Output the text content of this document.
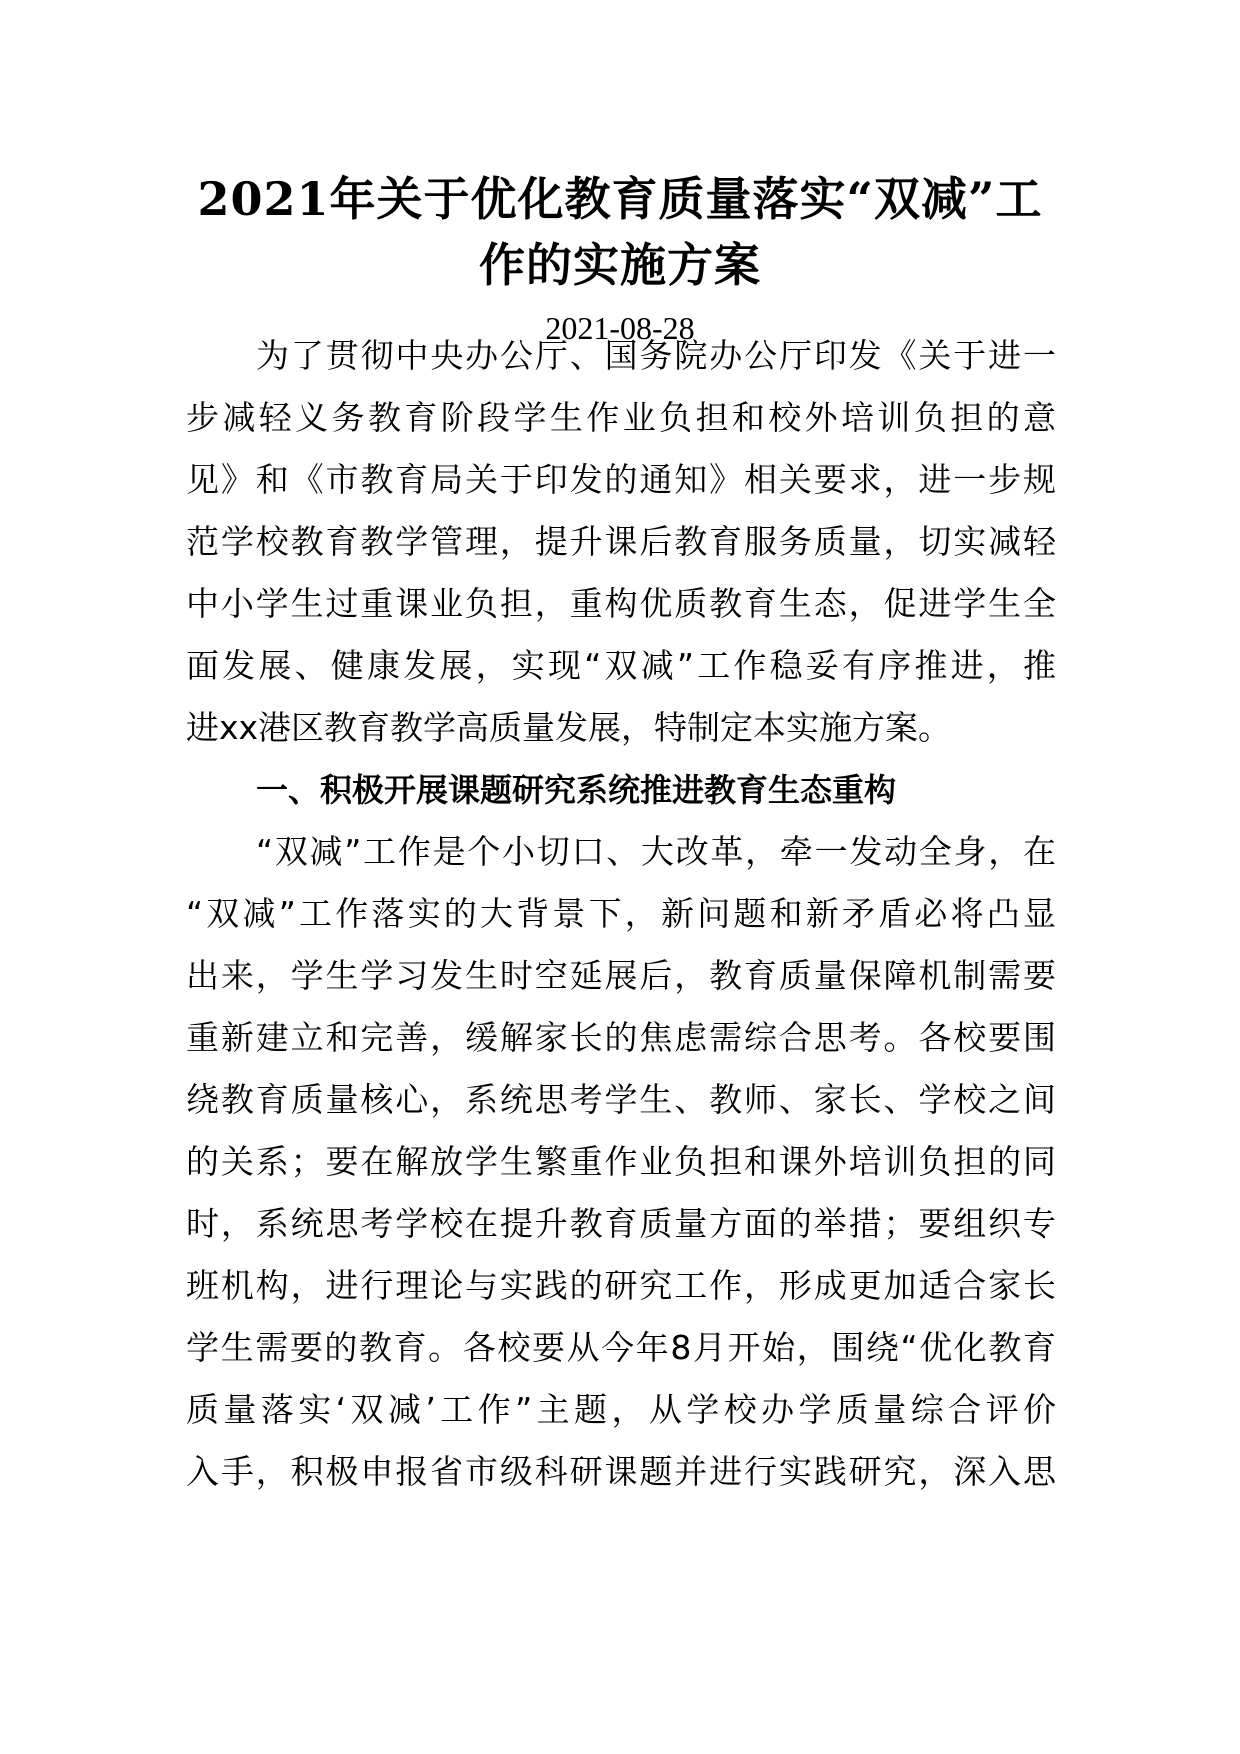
2021年关于优化教育质量落实“双减”工
作的实施方案
2021-08-28
为了贯彻中央办公厅、国务院办公厅印发《关于进一
步减轻义务教育阶段学生作业负担和校外培训负担的意
见》和《市教育局关于印发的通知》相关要求，进一步规
范学校教育教学管理，提升课后教育服务质量，切实减轻
中小学生过重课业负担，重构优质教育生态，促进学生全
面发展、健康发展，实现“双减”工作稳妥有序推进，推
进xx港区教育教学高质量发展，特制定本实施方案。
一、积极开展课题研究系统推进教育生态重构
“双减”工作是个小切口、大改革，牵一发动全身，在
“双减”工作落实的大背景下，新问题和新矛盾必将凸显
出来，学生学习发生时空延展后，教育质量保障机制需要
重新建立和完善，缓解家长的焦虑需综合思考。各校要围
绕教育质量核心，系统思考学生、教师、家长、学校之间
的关系；要在解放学生繁重作业负担和课外培训负担的同
时，系统思考学校在提升教育质量方面的举措；要组织专
班机构，进行理论与实践的研究工作，形成更加适合家长
学生需要的教育。各校要从今年8月开始，围绕“优化教育
质量落实‘双减’工作”主题，从学校办学质量综合评价
入手，积极申报省市级科研课题并进行实践研究，深入思
